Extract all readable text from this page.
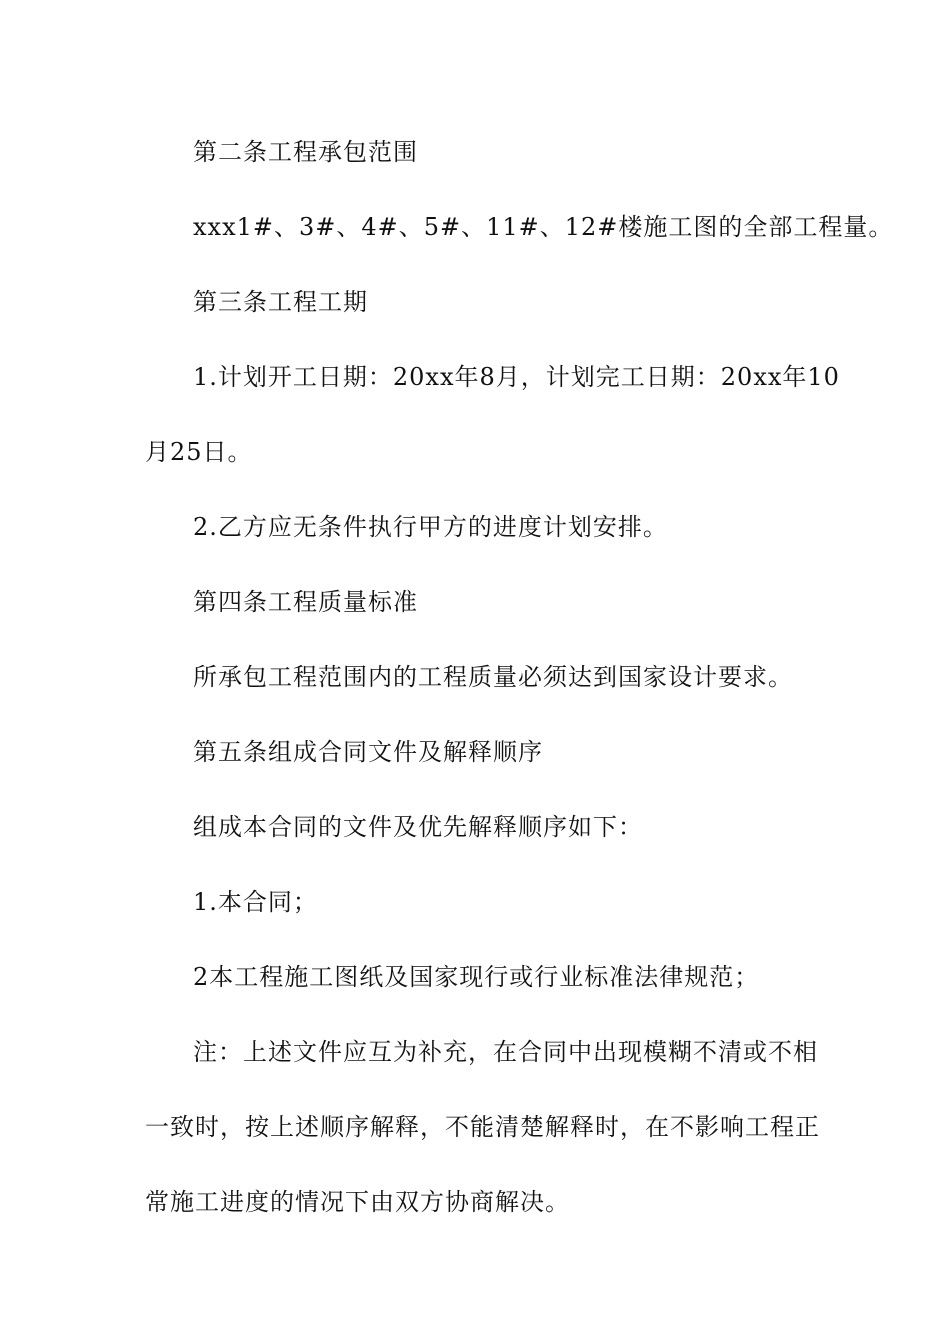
第二条工程承包范围
xxx1#、3#、4#、5#、11#、12#楼施工图的全部工程量。
第三条工程工期
1.计划开工日期：20xx年8月，计划完工日期：20xx年10
月25日。
2.乙方应无条件执行甲方的进度计划安排。
第四条工程质量标准
所承包工程范围内的工程质量必须达到国家设计要求。
第五条组成合同文件及解释顺序
组成本合同的文件及优先解释顺序如下：
1.本合同；
2本工程施工图纸及国家现行或行业标准法律规范；
注：上述文件应互为补充，在合同中出现模糊不清或不相
一致时，按上述顺序解释，不能清楚解释时，在不影响工程正
常施工进度的情况下由双方协商解决。
